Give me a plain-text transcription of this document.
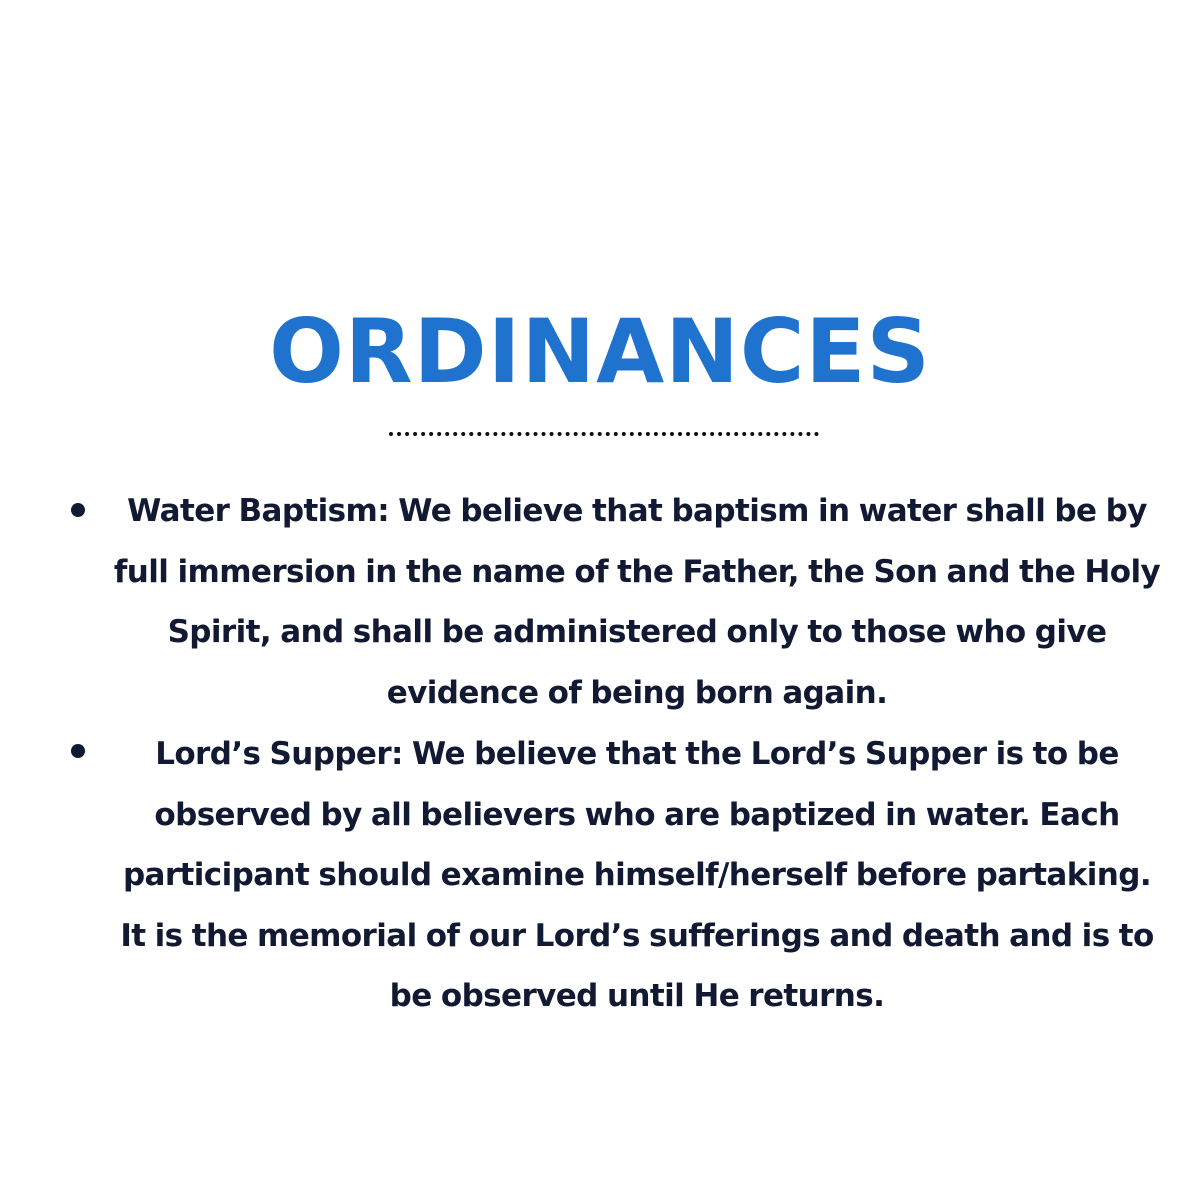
ORDINANCES

Water Baptism: We believe that baptism in water shall be by full immersion in the name of the Father, the Son and the Holy Spirit, and shall be administered only to those who give evidence of being born again.

Lord’s Supper: We believe that the Lord’s Supper is to be observed by all believers who are baptized in water. Each participant should examine himself/herself before partaking. It is the memorial of our Lord’s sufferings and death and is to be observed until He returns.
